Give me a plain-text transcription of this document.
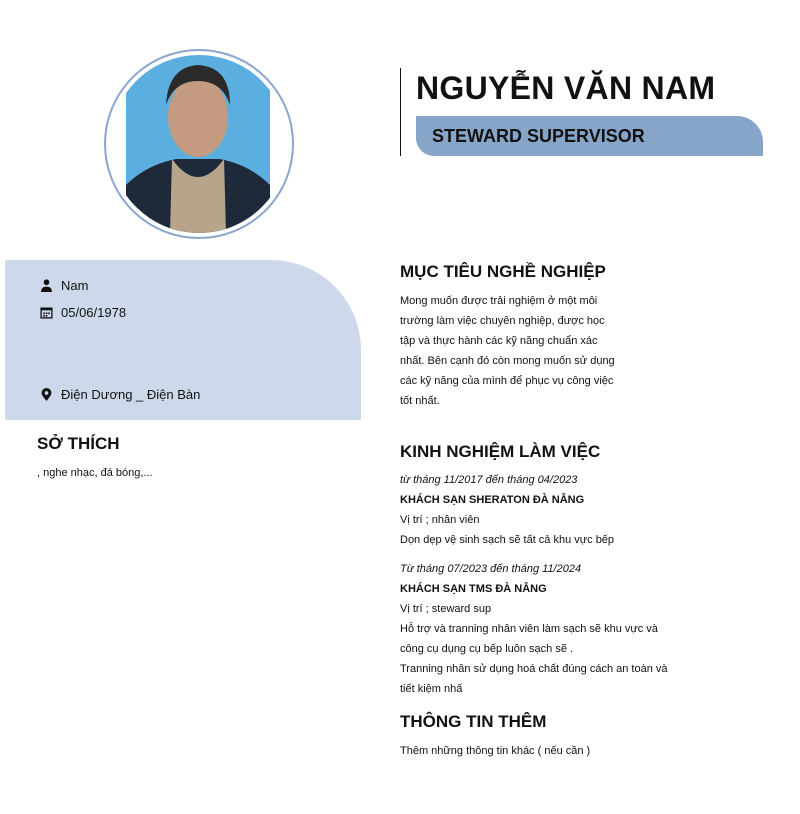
NGUYỄN VĂN NAM
STEWARD SUPERVISOR
Nam
05/06/1978
Điện Dương _ Điện Bàn
SỞ THÍCH
, nghe nhạc, đá bóng,...
MỤC TIÊU NGHỀ NGHIỆP
Mong muốn được trải nghiệm ở một môi
trường làm việc chuyên nghiệp, được học
tập và thực hành các kỹ năng chuẩn xác
nhất. Bên cạnh đó còn mong muốn sử dụng
các kỹ năng của mình để phục vụ công việc
tốt nhất.
KINH NGHIỆM LÀM VIỆC
từ tháng 11/2017 đến tháng 04/2023
KHÁCH SẠN SHERATON ĐÀ NẴNG
Vị trí ; nhân viên
Dọn dẹp vệ sinh sạch sẽ tất cả khu vực bếp
Từ tháng 07/2023 đến tháng 11/2024
KHÁCH SẠN TMS ĐÀ NẴNG
Vị trí ; steward sup
Hỗ trợ và tranning nhân viên làm sạch sẽ khu vực và
công cụ dụng cụ bếp luôn sạch sẽ .
Tranning nhân sử dụng hoá chất đúng cách an toàn và
tiết kiệm nhấ
THÔNG TIN THÊM
Thêm những thông tin khác ( nếu cần )
